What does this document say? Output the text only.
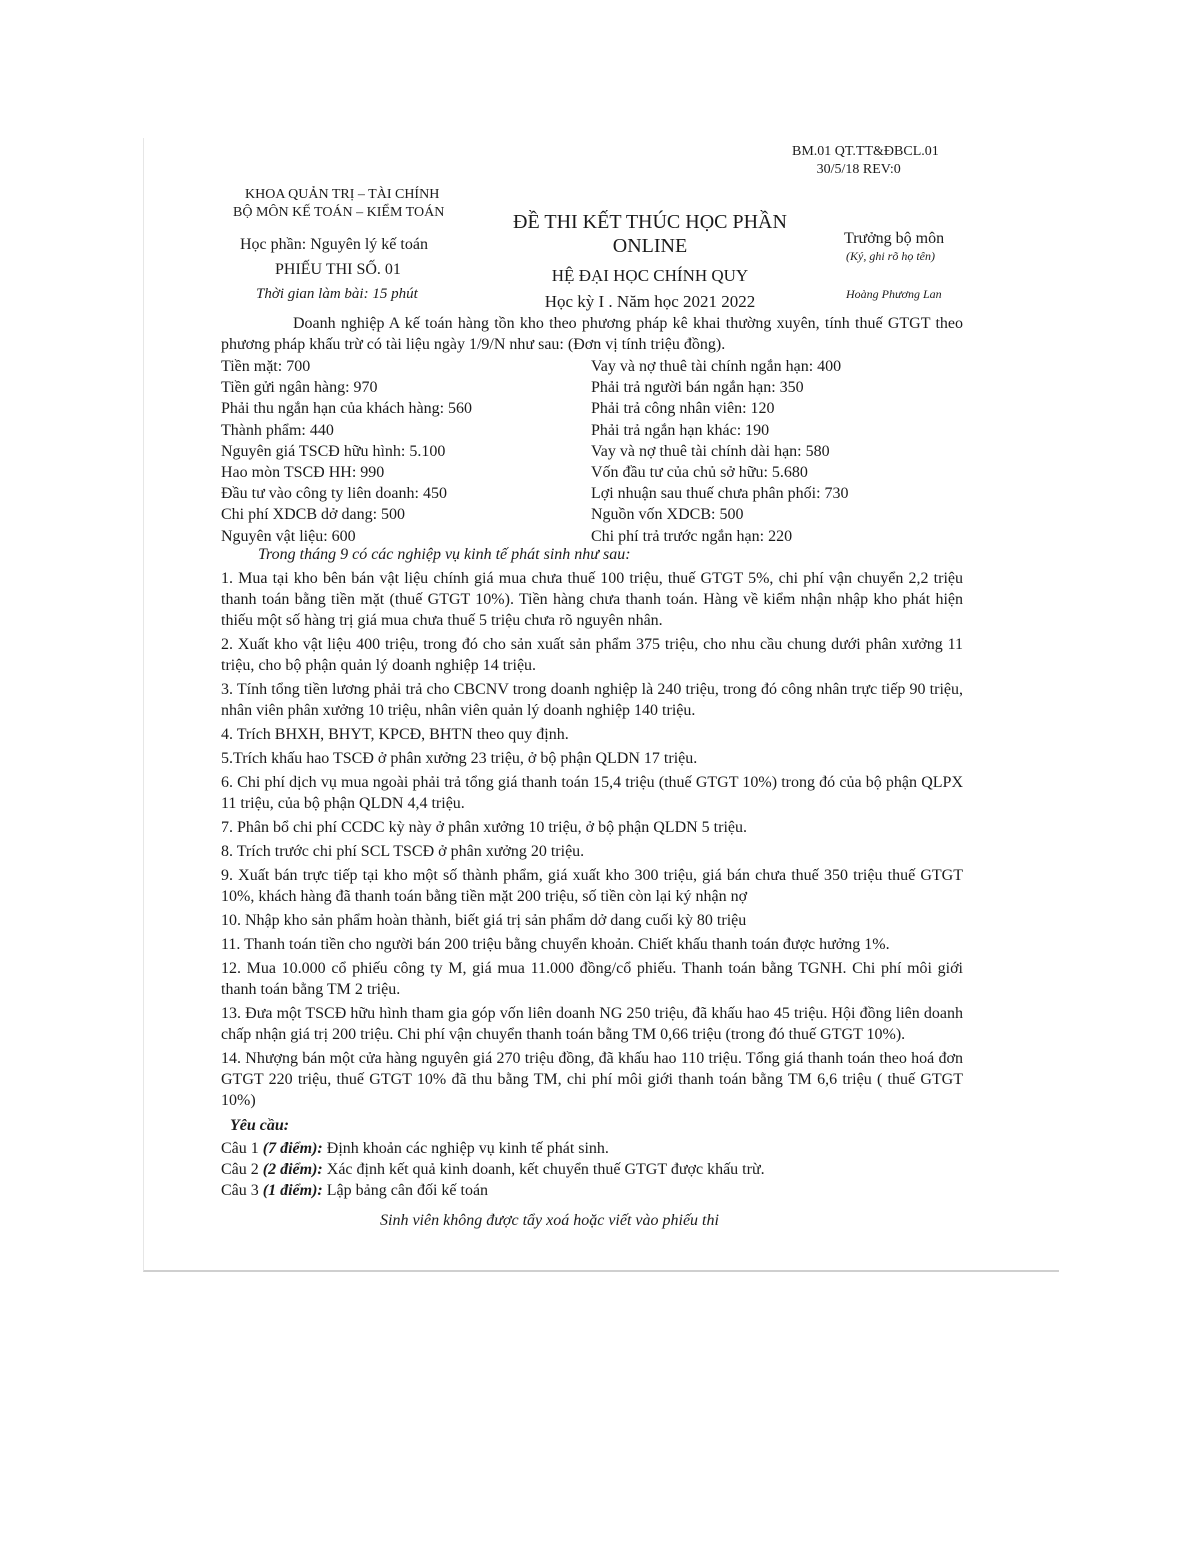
BM.01 QT.TT&ĐBCL.01
30/5/18 REV:0
KHOA QUẢN TRỊ – TÀI CHÍNH
BỘ MÔN KẾ TOÁN – KIỂM TOÁN	ĐỀ THI KẾT THÚC HỌC PHẦN
ONLINE
HỆ ĐẠI HỌC CHÍNH QUY
Học kỳ I . Năm học 2021 2022
Học phần: Nguyên lý kế toán
PHIẾU THI SỐ. 01
Thời gian làm bài: 15 phút
Trưởng bộ môn
(Ký, ghi rõ họ tên)
Hoàng Phương Lan
Doanh nghiệp A kế toán hàng tồn kho theo phương pháp kê khai thường xuyên, tính thuế GTGT theo phương pháp khấu trừ có tài liệu ngày 1/9/N như sau: (Đơn vị tính triệu đồng).
Tiền mặt: 700	Vay và nợ thuê tài chính ngắn hạn: 400
Tiền gửi ngân hàng: 970	Phải trả người bán ngắn hạn: 350
Phải thu ngắn hạn của khách hàng: 560	Phải trả công nhân viên: 120
Thành phẩm: 440	Phải trả ngắn hạn khác: 190
Nguyên giá TSCĐ hữu hình: 5.100	Vay và nợ thuê tài chính dài hạn: 580
Hao mòn TSCĐ HH: 990	Vốn đầu tư của chủ sở hữu: 5.680
Đầu tư vào công ty liên doanh: 450	Lợi nhuận sau thuế chưa phân phối: 730
Chi phí XDCB dở dang: 500	Nguồn vốn XDCB: 500
Nguyên vật liệu: 600	Chi phí trả trước ngắn hạn: 220
Trong tháng 9 có các nghiệp vụ kinh tế phát sinh như sau:

1. Mua tại kho bên bán vật liệu chính giá mua chưa thuế 100 triệu, thuế GTGT 5%, chi phí vận chuyển 2,2 triệu thanh toán bằng tiền mặt (thuế GTGT 10%). Tiền hàng chưa thanh toán. Hàng về kiểm nhận nhập kho phát hiện thiếu một số hàng trị giá mua chưa thuế 5 triệu chưa rõ nguyên nhân.

2. Xuất kho vật liệu 400 triệu, trong đó cho sản xuất sản phẩm 375 triệu, cho nhu cầu chung dưới phân xưởng 11 triệu, cho bộ phận quản lý doanh nghiệp 14 triệu.

3. Tính tổng tiền lương phải trả cho CBCNV trong doanh nghiệp là 240 triệu, trong đó công nhân trực tiếp 90 triệu, nhân viên phân xưởng 10 triệu, nhân viên quản lý doanh nghiệp 140 triệu.

4. Trích BHXH, BHYT, KPCĐ, BHTN theo quy định.

5.Trích khấu hao TSCĐ ở phân xưởng 23 triệu, ở bộ phận QLDN 17 triệu.

6. Chi phí dịch vụ mua ngoài phải trả tổng giá thanh toán 15,4 triệu (thuế GTGT 10%) trong đó của bộ phận QLPX 11 triệu, của bộ phận QLDN 4,4 triệu.

7. Phân bổ chi phí CCDC kỳ này ở phân xưởng 10 triệu, ở bộ phận QLDN 5 triệu.

8. Trích trước chi phí SCL TSCĐ ở phân xưởng 20 triệu.

9. Xuất bán trực tiếp tại kho một số thành phẩm, giá xuất kho 300 triệu, giá bán chưa thuế 350 triệu thuế GTGT 10%, khách hàng đã thanh toán bằng tiền mặt 200 triệu, số tiền còn lại ký nhận nợ

10. Nhập kho sản phẩm hoàn thành, biết giá trị sản phẩm dở dang cuối kỳ 80 triệu

11. Thanh toán tiền cho người bán 200 triệu bằng chuyển khoản. Chiết khấu thanh toán được hưởng 1%.

12. Mua 10.000 cổ phiếu công ty M, giá mua 11.000 đồng/cổ phiếu. Thanh toán bằng TGNH. Chi phí môi giới thanh toán bằng TM 2 triệu.

13. Đưa một TSCĐ hữu hình tham gia góp vốn liên doanh NG 250 triệu, đã khấu hao 45 triệu. Hội đồng liên doanh chấp nhận giá trị 200 triệu. Chi phí vận chuyển thanh toán bằng TM 0,66 triệu (trong đó thuế GTGT 10%).

14. Nhượng bán một cửa hàng nguyên giá 270 triệu đồng, đã khấu hao 110 triệu. Tổng giá thanh toán theo hoá đơn GTGT 220 triệu, thuế GTGT 10% đã thu bằng TM, chi phí môi giới thanh toán bằng TM 6,6 triệu ( thuế GTGT 10%)

Yêu cầu:
Câu 1 (7 điểm): Định khoản các nghiệp vụ kinh tế phát sinh.
Câu 2 (2 điểm): Xác định kết quả kinh doanh, kết chuyển thuế GTGT được khấu trừ.
Câu 3 (1 điểm): Lập bảng cân đối kế toán
Sinh viên không được tẩy xoá hoặc viết vào phiếu thi
